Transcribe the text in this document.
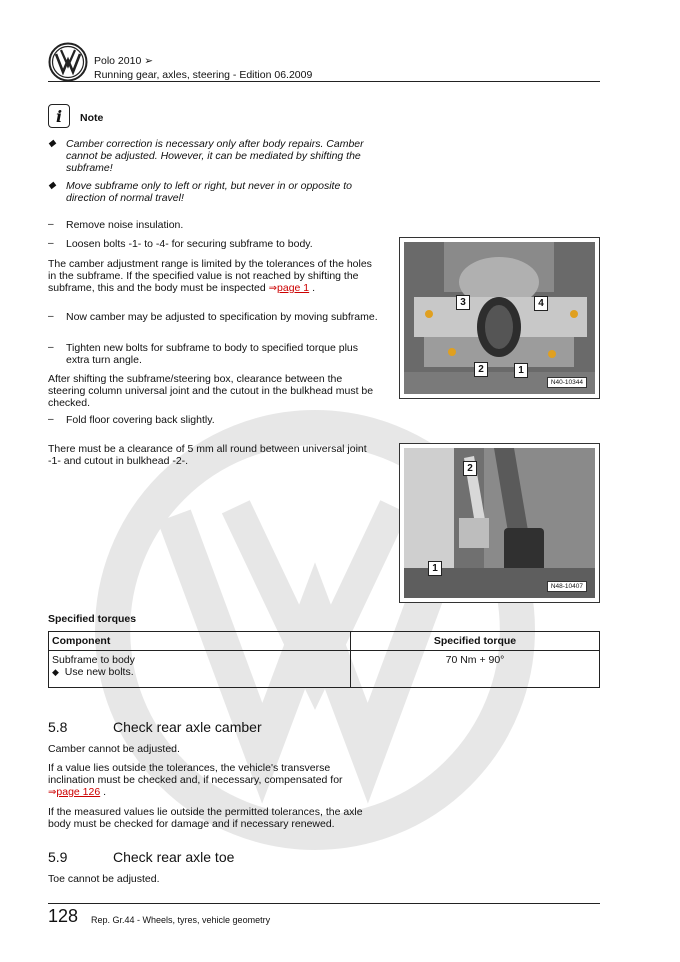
Polo 2010 ➢
Running gear, axles, steering - Edition 06.2009
i	Note
◆ Camber correction is necessary only after body repairs. Camber cannot be adjusted. However, it can be mediated by shifting the subframe!
◆ Move subframe only to left or right, but never in or opposite to direction of normal travel!
– Remove noise insulation.
– Loosen bolts -1- to -4- for securing subframe to body.
The camber adjustment range is limited by the tolerances of the holes in the subframe. If the specified value is not reached by shifting the subframe, this and the body must be inspected ⇒page 1 .
– Now camber may be adjusted to specification by moving subframe.
– Tighten new bolts for subframe to body to specified torque plus extra turn angle.
After shifting the subframe/steering box, clearance between the steering column universal joint and the cutout in the bulkhead must be checked.
– Fold floor covering back slightly.
There must be a clearance of 5 mm all round between universal joint -1- and cutout in bulkhead -2-.
3	4
2	1
N40-10344
2
1
N48-10407
Specified torques
Component	Specified torque

Subframe to body
◆ Use new bolts.	70 Nm + 90°
5.8	Check rear axle camber
Camber cannot be adjusted.
If a value lies outside the tolerances, the vehicle's transverse inclination must be checked and, if necessary, compensated for
⇒page 126 .
If the measured values lie outside the permitted tolerances, the axle body must be checked for damage and if necessary renewed.
5.9	Check rear axle toe
Toe cannot be adjusted.
128 Rep. Gr.44 - Wheels, tyres, vehicle geometry
